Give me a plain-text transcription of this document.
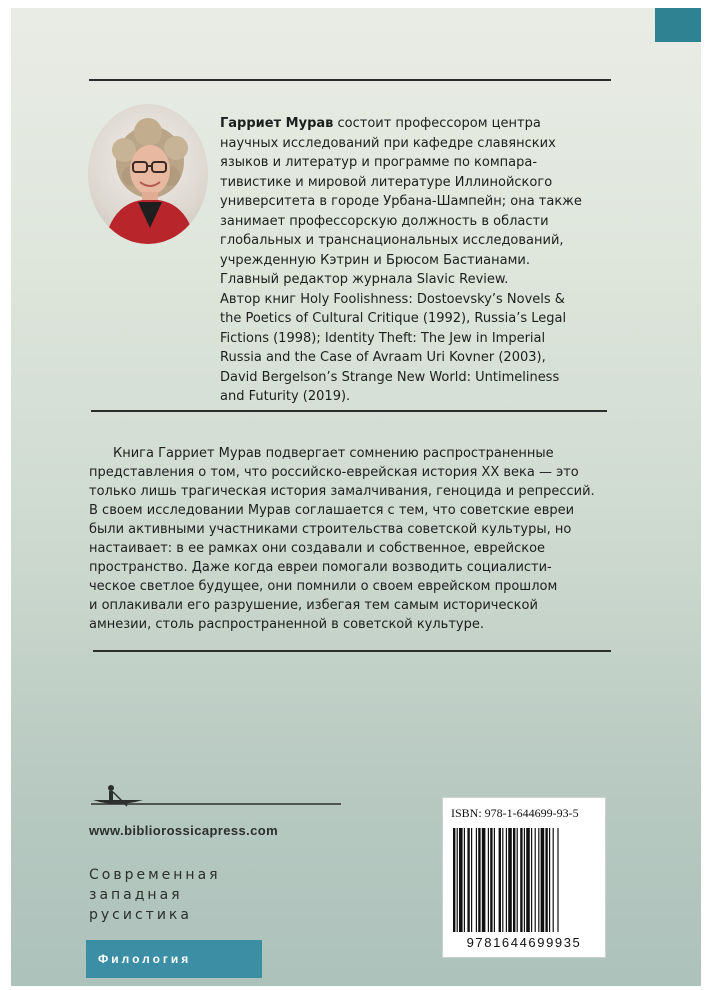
Гарриет Мурав состоит профессором центра
научных исследований при кафедре славянских
языков и литератур и программе по компара-
тивистике и мировой литературе Иллинойского
университета в городе Урбана-Шампейн; она также
занимает профессорскую должность в области
глобальных и транснациональных исследований,
учрежденную Кэтрин и Брюсом Бастианами.
Главный редактор журнала Slavic Review.
Автор книг Holy Foolishness: Dostoevsky’s Novels &
the Poetics of Cultural Critique (1992), Russia’s Legal
Fictions (1998); Identity Theft: The Jew in Imperial
Russia and the Case of Avraam Uri Kovner (2003),
David Bergelson’s Strange New World: Untimeliness
and Futurity (2019).
Книга Гарриет Мурав подвергает сомнению распространенные
представления о том, что российско-еврейская история XX века — это
только лишь трагическая история замалчивания, геноцида и репрессий.
В своем исследовании Мурав соглашается с тем, что советские евреи
были активными участниками строительства советской культуры, но
настаивает: в ее рамках они создавали и собственное, еврейское
пространство. Даже когда евреи помогали возводить социалисти-
ческое светлое будущее, они помнили о своем еврейском прошлом
и оплакивали его разрушение, избегая тем самым исторической
амнезии, столь распространенной в советской культуре.
www.bibliorossicapress.com
Современная
западная
русистика
Филология
ISBN: 978-1-644699-93-5
9781644699935
